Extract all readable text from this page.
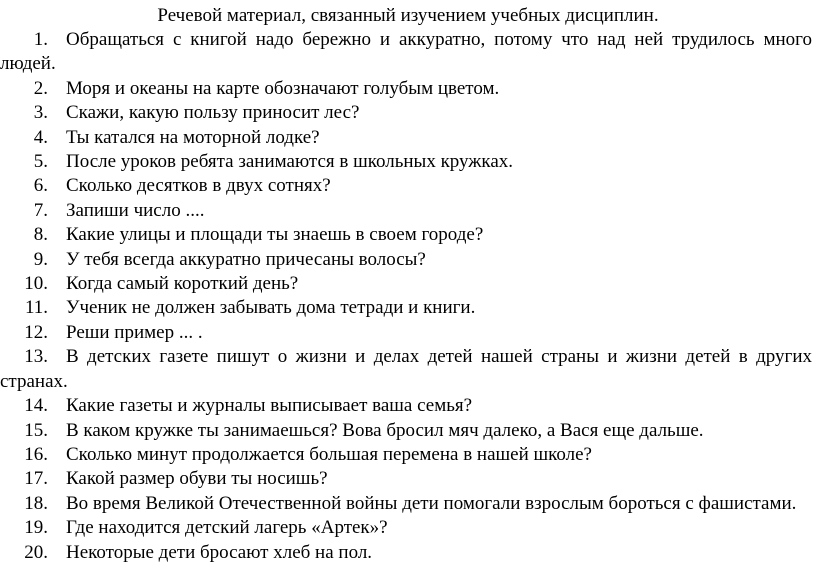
Речевой материал, связанный изучением учебных дисциплин.
1. Обращаться с книгой надо бережно и аккуратно, потому что над ней трудилось много людей.
2. Моря и океаны на карте обозначают голубым цветом.
3. Скажи, какую пользу приносит лес?
4. Ты катался на моторной лодке?
5. После уроков ребята занимаются в школьных кружках.
6. Сколько десятков в двух сотнях?
7. Запиши число ....
8. Какие улицы и площади ты знаешь в своем городе?
9. У тебя всегда аккуратно причесаны волосы?
10. Когда самый короткий день?
11. Ученик не должен забывать дома тетради и книги.
12. Реши пример ... .
13. В детских газете пишут о жизни и делах детей нашей страны и жизни детей в других странах.
14. Какие газеты и журналы выписывает ваша семья?
15. В каком кружке ты занимаешься? Вова бросил мяч далеко, а Вася еще дальше.
16. Сколько минут продолжается большая перемена в нашей школе?
17. Какой размер обуви ты носишь?
18. Во время Великой Отечественной войны дети помогали взрослым бороться с фашистами.
19. Где находится детский лагерь «Артек»?
20. Некоторые дети бросают хлеб на пол.
